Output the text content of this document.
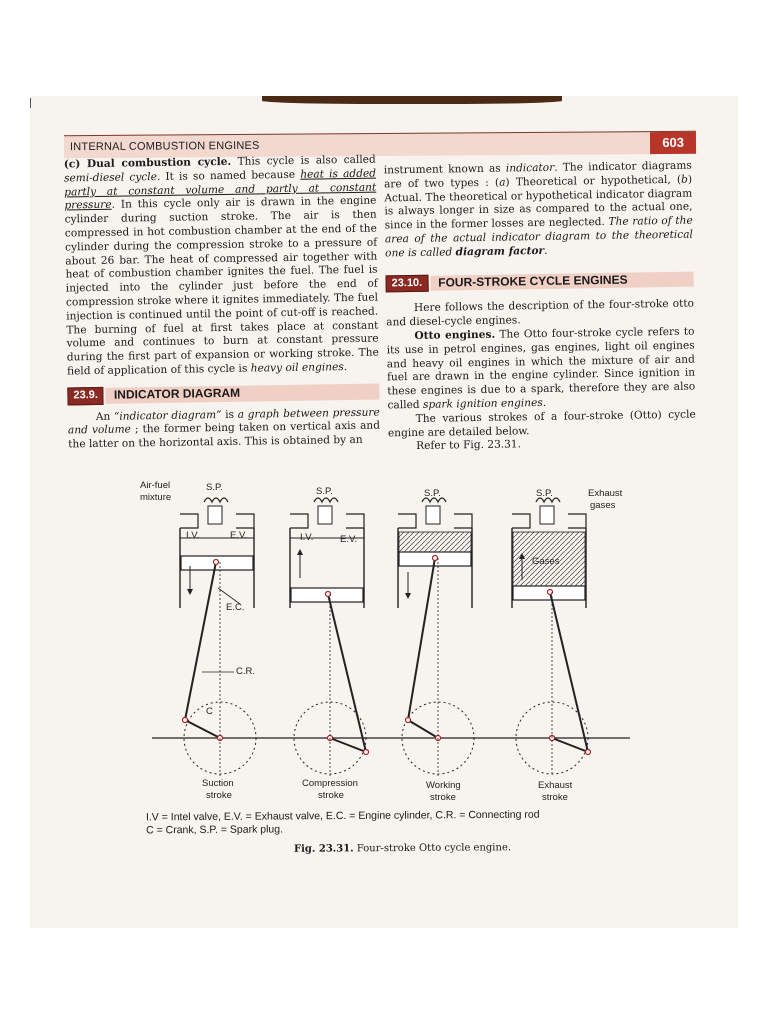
INTERNAL COMBUSTION ENGINES	603

(c) Dual combustion cycle. This cycle is also called semi-diesel cycle. It is so named because heat is added partly at constant volume and partly at constant pressure. In this cycle only air is drawn in the engine cylinder during suction stroke. The air is then compressed in hot combustion chamber at the end of the cylinder during the compression stroke to a pressure of about 26 bar. The heat of compressed air together with heat of combustion chamber ignites the fuel. The fuel is injected into the cylinder just before the end of compression stroke where it ignites immediately. The fuel injection is continued until the point of cut-off is reached. The burning of fuel at first takes place at constant volume and continues to burn at constant pressure during the first part of expansion or working stroke. The field of application of this cycle is heavy oil engines.

23.9.	INDICATOR DIAGRAM

An “indicator diagram” is a graph between pressure and volume ; the former being taken on vertical axis and the latter on the horizontal axis. This is obtained by an

instrument known as indicator. The indicator diagrams are of two types : (a) Theoretical or hypothetical, (b) Actual. The theoretical or hypothetical indicator diagram is always longer in size as compared to the actual one, since in the former losses are neglected. The ratio of the area of the actual indicator diagram to the theoretical one is called diagram factor.

23.10.	FOUR-STROKE CYCLE ENGINES

Here follows the description of the four-stroke otto and diesel-cycle engines.

Otto engines. The Otto four-stroke cycle refers to its use in petrol engines, gas engines, light oil engines and heavy oil engines in which the mixture of air and fuel are drawn in the engine cylinder. Since ignition in these engines is due to a spark, therefore they are also called spark ignition engines.

The various strokes of a four-stroke (Otto) cycle engine are detailed below.

Refer to Fig. 23.31.

Air-fuel
mixture
S.P.	S.P.	S.P.	S.P.	Exhaust
gases
I.V.	E.V.	I.V.	E.V.
E.C.
C.R.
C
Gases
Suction
stroke
Compression
stroke
Working
stroke
Exhaust
stroke
I.V = Intel valve, E.V. = Exhaust valve, E.C. = Engine cylinder, C.R. = Connecting rod
C = Crank, S.P. = Spark plug.
Fig. 23.31. Four-stroke Otto cycle engine.
